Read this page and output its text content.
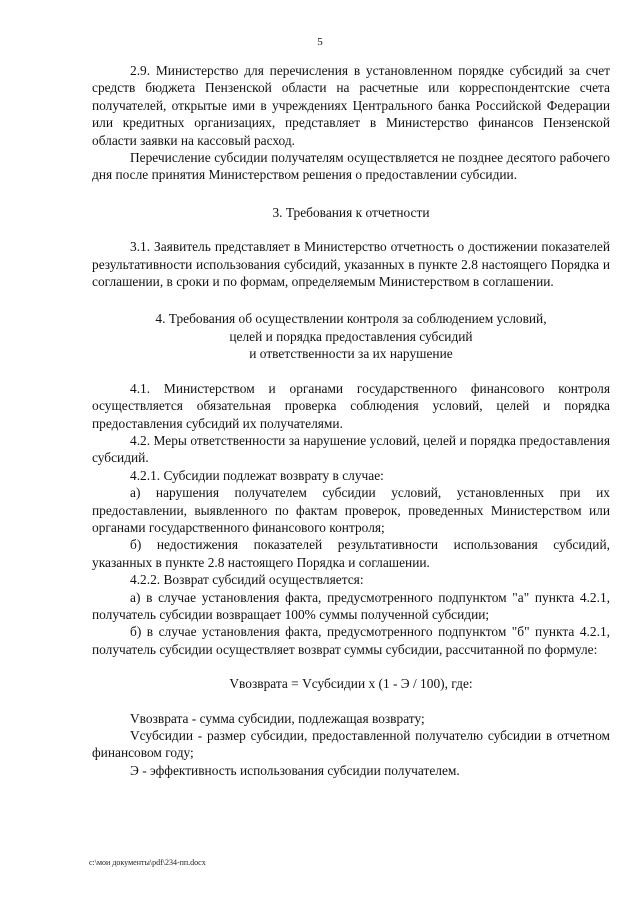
5

2.9. Министерство для перечисления в установленном порядке субсидий за счет средств бюджета Пензенской области на расчетные или корреспондентские счета получателей, открытые ими в учреждениях Центрального банка Российской Федерации или кредитных организациях, представляет в Министерство финансов Пензенской области заявки на кассовый расход.

Перечисление субсидии получателям осуществляется не позднее десятого рабочего дня после принятия Министерством решения о предоставлении субсидии.

3. Требования к отчетности

3.1. Заявитель представляет в Министерство отчетность о достижении показателей результативности использования субсидий, указанных в пункте 2.8 настоящего Порядка и соглашении, в сроки и по формам, определяемым Министерством в соглашении.

4. Требования об осуществлении контроля за соблюдением условий,

целей и порядка предоставления субсидий

и ответственности за их нарушение

4.1. Министерством и органами государственного финансового контроля осуществляется обязательная проверка соблюдения условий, целей и порядка предоставления субсидий их получателями.

4.2. Меры ответственности за нарушение условий, целей и порядка предоставления субсидий.

4.2.1. Субсидии подлежат возврату в случае:

а) нарушения получателем субсидии условий, установленных при их предоставлении, выявленного по фактам проверок, проведенных Министерством или органами государственного финансового контроля;

б) недостижения показателей результативности использования субсидий, указанных в пункте 2.8 настоящего Порядка и соглашении.

4.2.2. Возврат субсидий осуществляется:

а) в случае установления факта, предусмотренного подпунктом "а" пункта 4.2.1, получатель субсидии возвращает 100% суммы полученной субсидии;

б) в случае установления факта, предусмотренного подпунктом "б" пункта 4.2.1, получатель субсидии осуществляет возврат суммы субсидии, рассчитанной по формуле:

Vвозврата = Vсубсидии x (1 - Э / 100), где:

Vвозврата - сумма субсидии, подлежащая возврату;

Vсубсидии - размер субсидии, предоставленной получателю субсидии в отчетном финансовом году;

Э - эффективность использования субсидии получателем.

c:\мои документы\pdf\234-пп.docx
